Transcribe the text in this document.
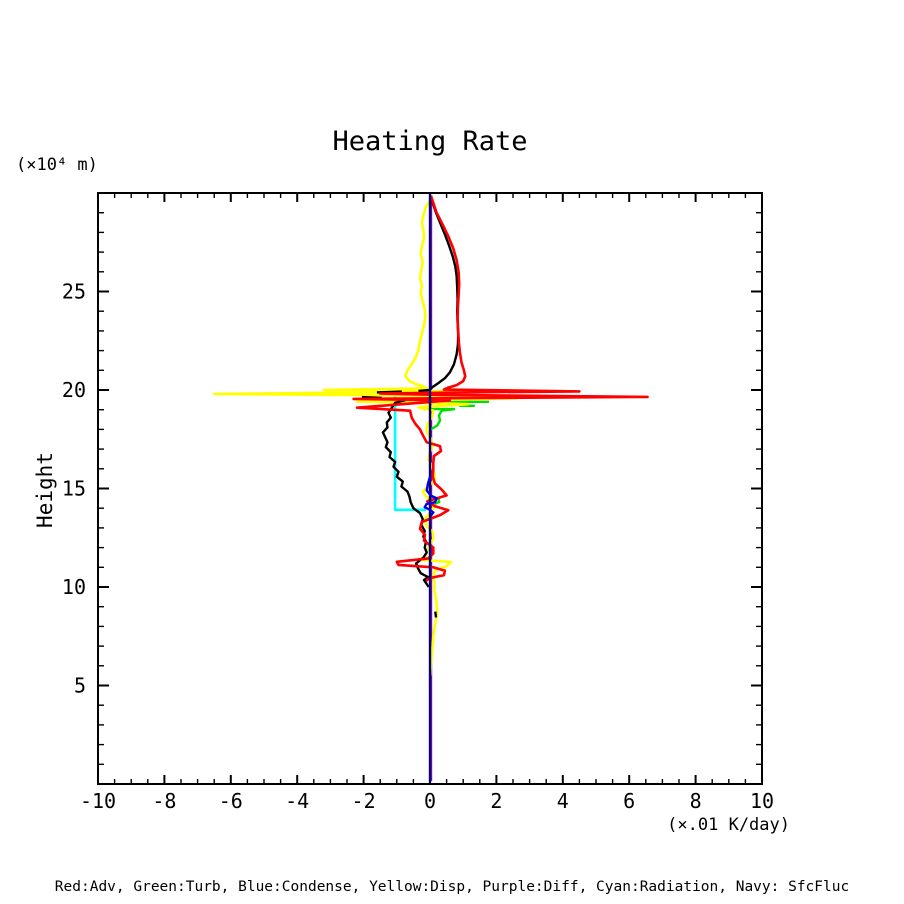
Heating Rate
(×10⁴ m)
Height
(×.01 K/day)
Red:Adv, Green:Turb, Blue:Condense, Yellow:Disp, Purple:Diff, Cyan:Radiation, Navy: SfcFluc
-10 -8 -6 -4 -2 0	2	4	6	8 10
5
10
15
20
25
